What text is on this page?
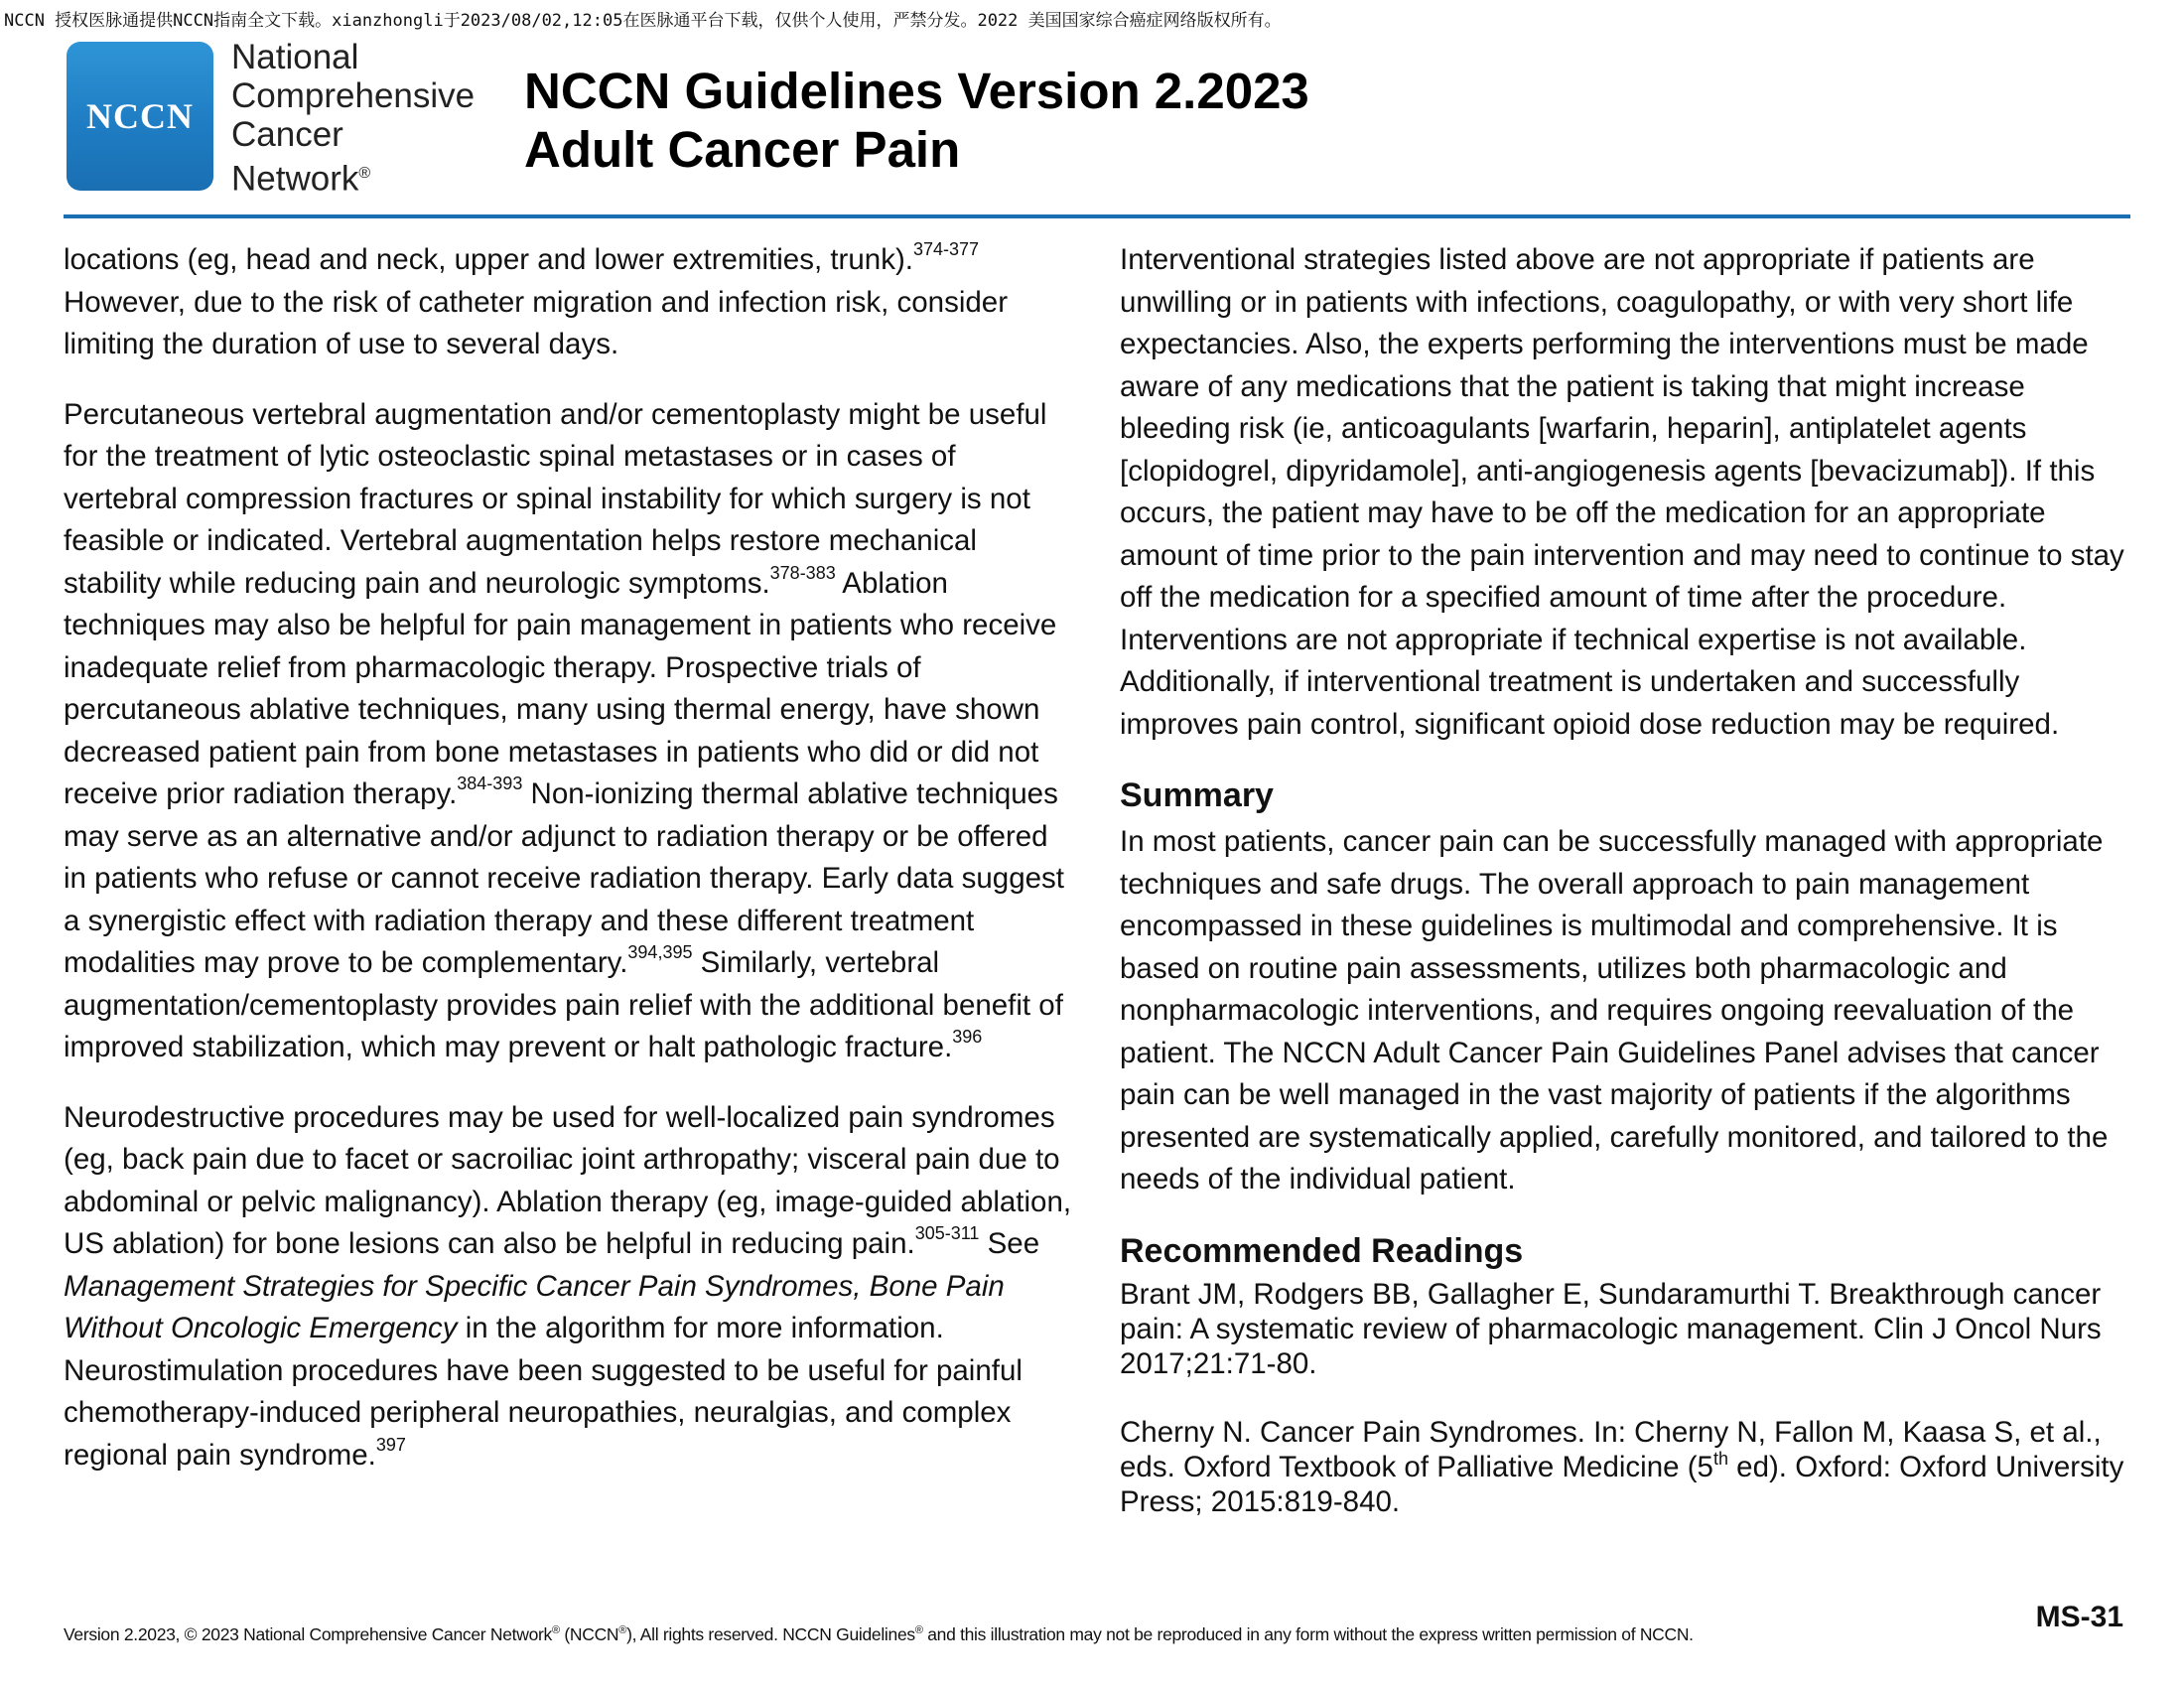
NCCN 授权医脉通提供NCCN指南全文下载。xianzhongli于2023/08/02,12:05在医脉通平台下载，仅供个人使用，严禁分发。2022 美国国家综合癌症网络版权所有。
NCCN
National
Comprehensive
Cancer
Network®
NCCN Guidelines Version 2.2023
Adult Cancer Pain

locations (eg, head and neck, upper and lower extremities, trunk).$^{374-377}$ However, due to the risk of catheter migration and infection risk, consider limiting the duration of use to several days.

Percutaneous vertebral augmentation and/or cementoplasty might be useful for the treatment of lytic osteoclastic spinal metastases or in cases of vertebral compression fractures or spinal instability for which surgery is not feasible or indicated. Vertebral augmentation helps restore mechanical stability while reducing pain and neurologic symptoms.$^{378-383}$ Ablation techniques may also be helpful for pain management in patients who receive inadequate relief from pharmacologic therapy. Prospective trials of percutaneous ablative techniques, many using thermal energy, have shown decreased patient pain from bone metastases in patients who did or did not receive prior radiation therapy.$^{384-393}$ Non-ionizing thermal ablative techniques may serve as an alternative and/or adjunct to radiation therapy or be offered in patients who refuse or cannot receive radiation therapy. Early data suggest a synergistic effect with radiation therapy and these different treatment modalities may prove to be complementary.$^{394,395}$ Similarly, vertebral augmentation/cementoplasty provides pain relief with the additional benefit of improved stabilization, which may prevent or halt pathologic fracture.$^{396}$

Neurodestructive procedures may be used for well-localized pain syndromes (eg, back pain due to facet or sacroiliac joint arthropathy; visceral pain due to abdominal or pelvic malignancy). Ablation therapy (eg, image-guided ablation, US ablation) for bone lesions can also be helpful in reducing pain.$^{305-311}$ See Management Strategies for Specific Cancer Pain Syndromes, Bone Pain Without Oncologic Emergency in the algorithm for more information. Neurostimulation procedures have been suggested to be useful for painful chemotherapy-induced peripheral neuropathies, neuralgias, and complex regional pain syndrome.$^{397}$

Interventional strategies listed above are not appropriate if patients are unwilling or in patients with infections, coagulopathy, or with very short life expectancies. Also, the experts performing the interventions must be made aware of any medications that the patient is taking that might increase bleeding risk (ie, anticoagulants [warfarin, heparin], antiplatelet agents [clopidogrel, dipyridamole], anti-angiogenesis agents [bevacizumab]). If this occurs, the patient may have to be off the medication for an appropriate amount of time prior to the pain intervention and may need to continue to stay off the medication for a specified amount of time after the procedure. Interventions are not appropriate if technical expertise is not available. Additionally, if interventional treatment is undertaken and successfully improves pain control, significant opioid dose reduction may be required.

Summary

In most patients, cancer pain can be successfully managed with appropriate techniques and safe drugs. The overall approach to pain management encompassed in these guidelines is multimodal and comprehensive. It is based on routine pain assessments, utilizes both pharmacologic and nonpharmacologic interventions, and requires ongoing reevaluation of the patient. The NCCN Adult Cancer Pain Guidelines Panel advises that cancer pain can be well managed in the vast majority of patients if the algorithms presented are systematically applied, carefully monitored, and tailored to the needs of the individual patient.

Recommended Readings
Brant JM, Rodgers BB, Gallagher E, Sundaramurthi T. Breakthrough cancer pain: A systematic review of pharmacologic management. Clin J Oncol Nurs 2017;21:71-80.
Cherny N. Cancer Pain Syndromes. In: Cherny N, Fallon M, Kaasa S, et al., eds. Oxford Textbook of Palliative Medicine (5th ed). Oxford: Oxford University Press; 2015:819-840.
Version 2.2023, © 2023 National Comprehensive Cancer Network® (NCCN®), All rights reserved. NCCN Guidelines® and this illustration may not be reproduced in any form without the express written permission of NCCN.
MS-31
